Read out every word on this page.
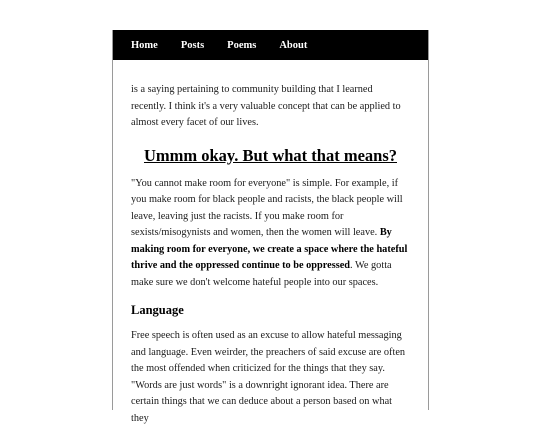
Home Posts Poems About

is a saying pertaining to community building that I learned recently. I think it's a very valuable concept that can be applied to almost every facet of our lives.

Ummm okay. But what that means?

"You cannot make room for everyone" is simple. For example, if you make room for black people and racists, the black people will leave, leaving just the racists. If you make room for sexists/misogynists and women, then the women will leave. By making room for everyone, we create a space where the hateful thrive and the oppressed continue to be oppressed. We gotta make sure we don't welcome hateful people into our spaces.

Language

Free speech is often used as an excuse to allow hateful messaging and language. Even weirder, the preachers of said excuse are often the most offended when criticized for the things that they say. "Words are just words" is a downright ignorant idea. There are certain things that we can deduce about a person based on what they
